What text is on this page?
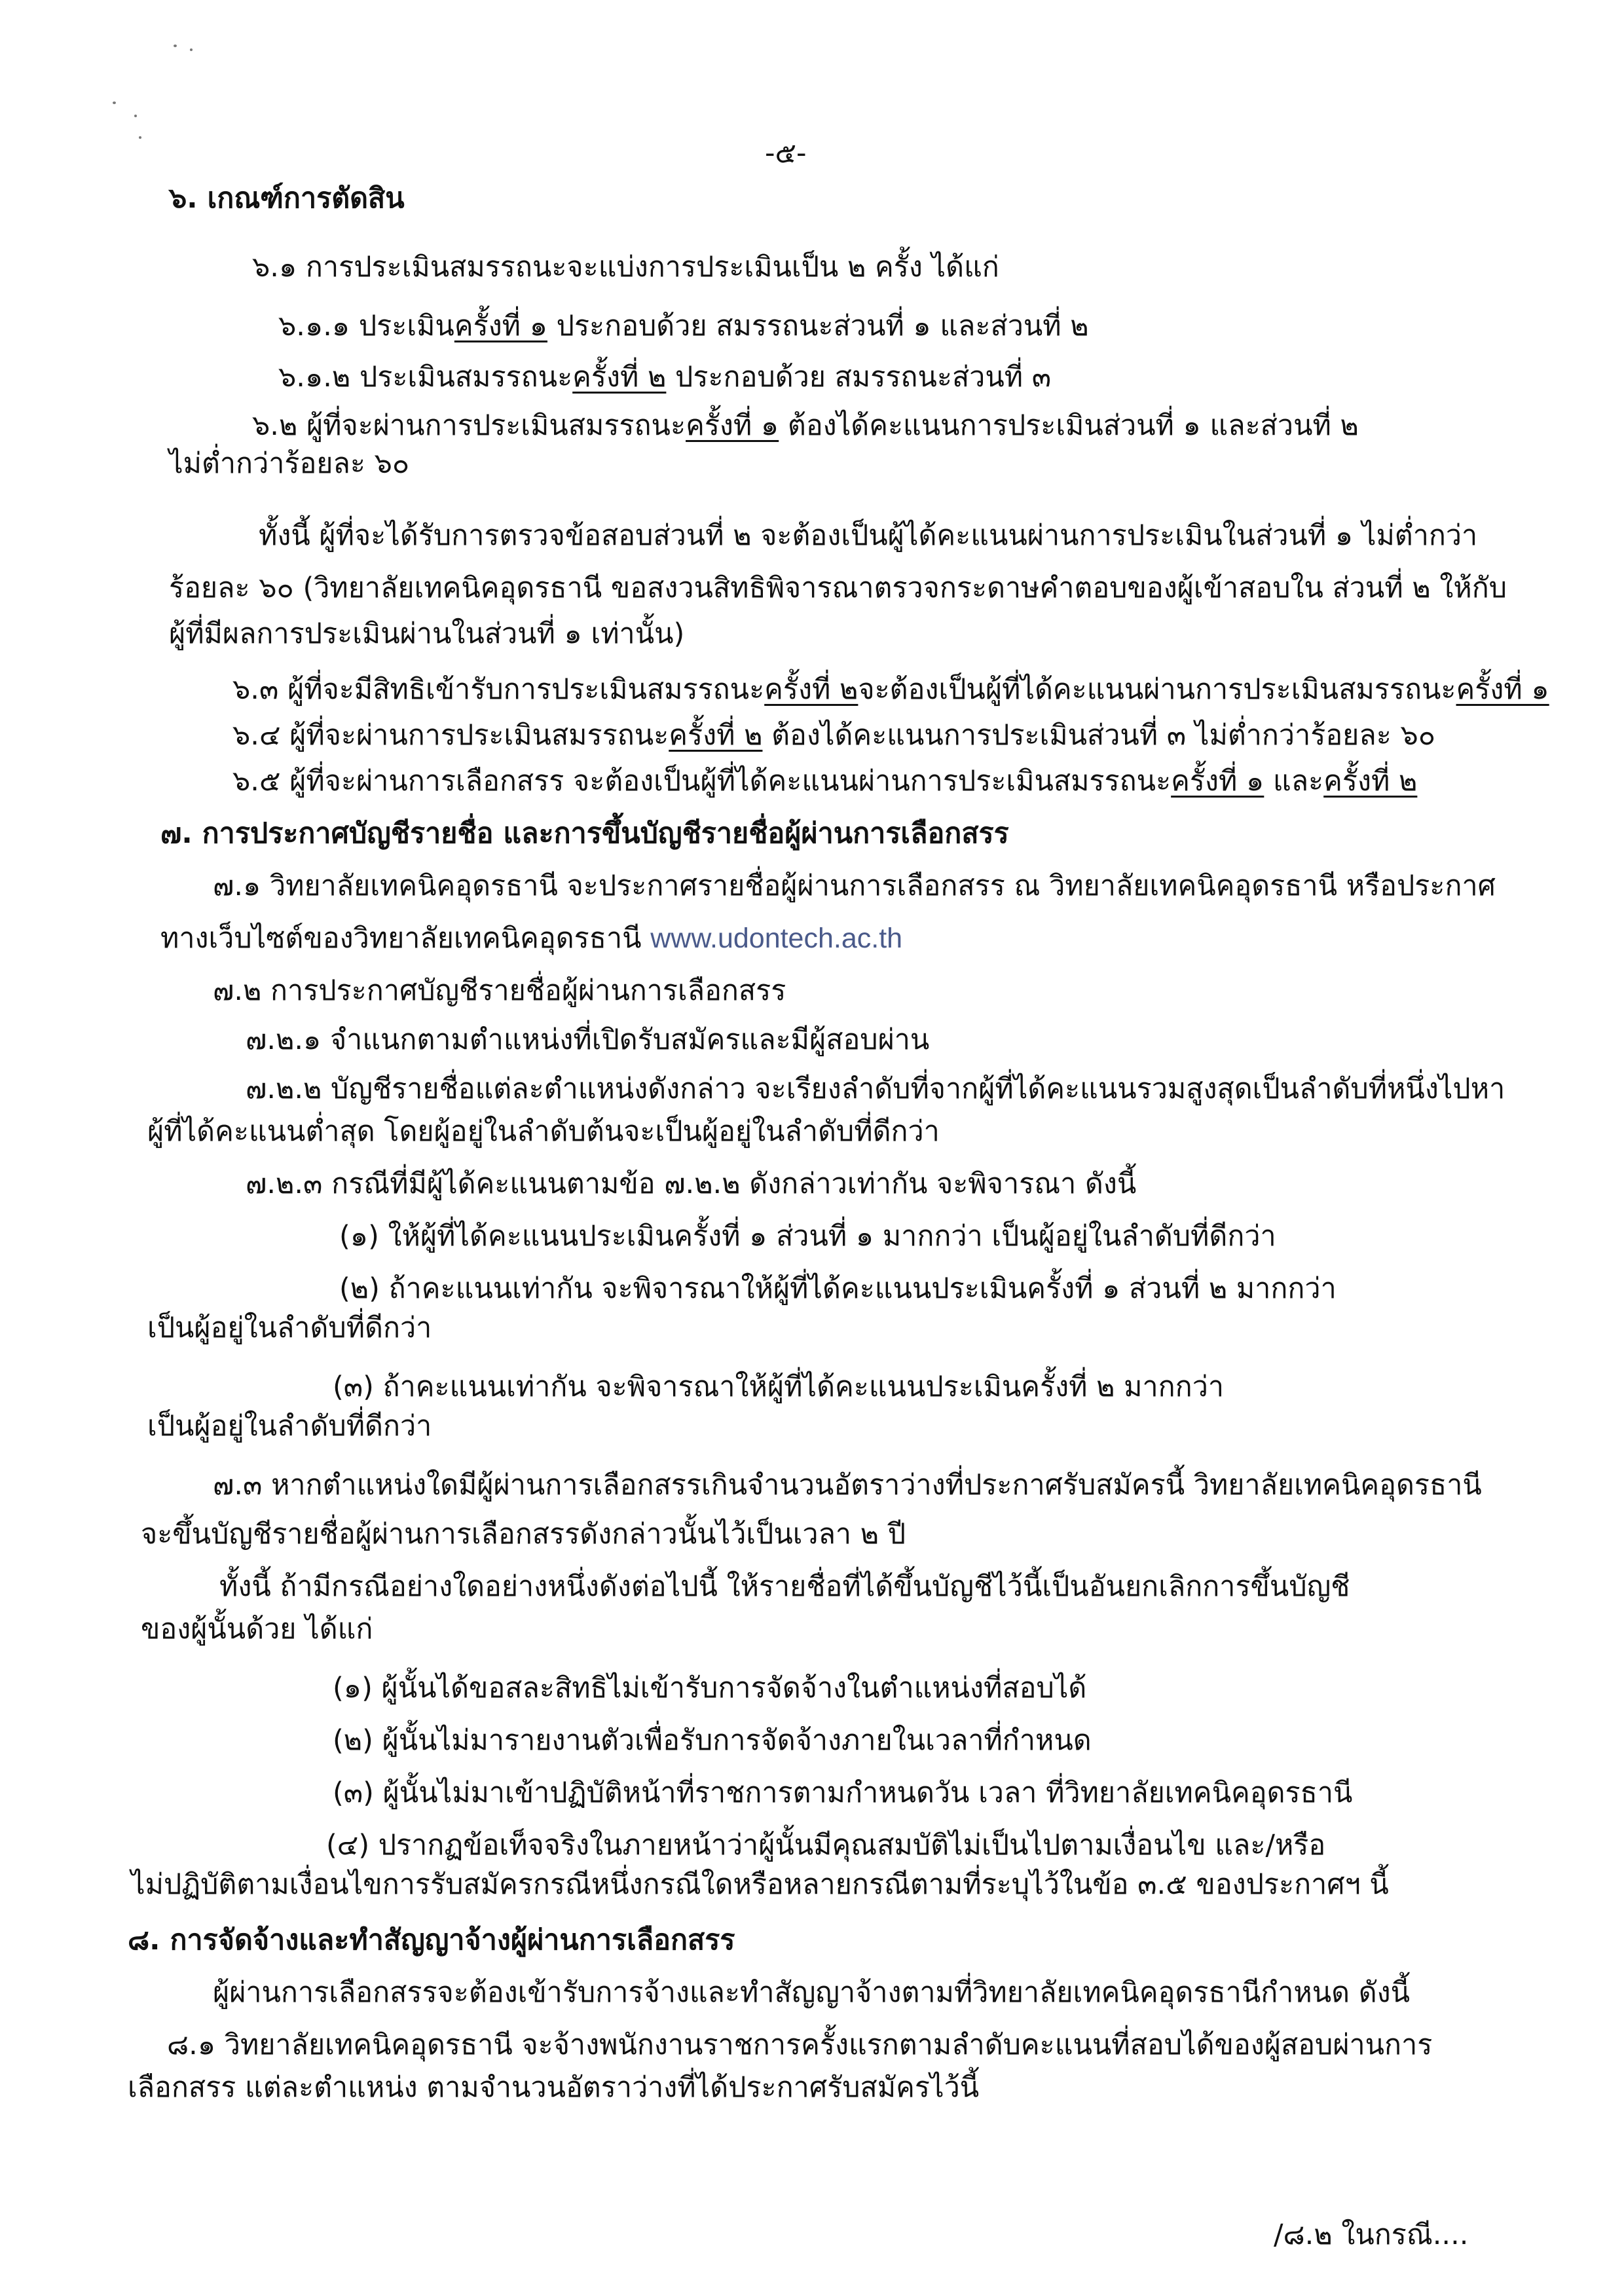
-๕-
๖. เกณฑ์การตัดสิน
๖.๑ การประเมินสมรรถนะจะแบ่งการประเมินเป็น ๒ ครั้ง ได้แก่
๖.๑.๑ ประเมินครั้งที่ ๑ ประกอบด้วย สมรรถนะส่วนที่ ๑ และส่วนที่ ๒
๖.๑.๒ ประเมินสมรรถนะครั้งที่ ๒ ประกอบด้วย สมรรถนะส่วนที่ ๓
๖.๒ ผู้ที่จะผ่านการประเมินสมรรถนะครั้งที่ ๑ ต้องได้คะแนนการประเมินส่วนที่ ๑ และส่วนที่ ๒
ไม่ต่ำกว่าร้อยละ ๖๐
ทั้งนี้ ผู้ที่จะได้รับการตรวจข้อสอบส่วนที่ ๒ จะต้องเป็นผู้ได้คะแนนผ่านการประเมินในส่วนที่ ๑ ไม่ต่ำกว่า
ร้อยละ ๖๐ (วิทยาลัยเทคนิคอุดรธานี ขอสงวนสิทธิพิจารณาตรวจกระดาษคำตอบของผู้เข้าสอบใน ส่วนที่ ๒ ให้กับ
ผู้ที่มีผลการประเมินผ่านในส่วนที่ ๑ เท่านั้น)
๖.๓ ผู้ที่จะมีสิทธิเข้ารับการประเมินสมรรถนะครั้งที่ ๒จะต้องเป็นผู้ที่ได้คะแนนผ่านการประเมินสมรรถนะครั้งที่ ๑
๖.๔ ผู้ที่จะผ่านการประเมินสมรรถนะครั้งที่ ๒ ต้องได้คะแนนการประเมินส่วนที่ ๓ ไม่ต่ำกว่าร้อยละ ๖๐
๖.๕ ผู้ที่จะผ่านการเลือกสรร จะต้องเป็นผู้ที่ได้คะแนนผ่านการประเมินสมรรถนะครั้งที่ ๑ และครั้งที่ ๒
๗. การประกาศบัญชีรายชื่อ และการขึ้นบัญชีรายชื่อผู้ผ่านการเลือกสรร
๗.๑ วิทยาลัยเทคนิคอุดรธานี จะประกาศรายชื่อผู้ผ่านการเลือกสรร ณ วิทยาลัยเทคนิคอุดรธานี หรือประกาศ
ทางเว็บไซต์ของวิทยาลัยเทคนิคอุดรธานี www.udontech.ac.th
๗.๒ การประกาศบัญชีรายชื่อผู้ผ่านการเลือกสรร
๗.๒.๑ จำแนกตามตำแหน่งที่เปิดรับสมัครและมีผู้สอบผ่าน
๗.๒.๒ บัญชีรายชื่อแต่ละตำแหน่งดังกล่าว จะเรียงลำดับที่จากผู้ที่ได้คะแนนรวมสูงสุดเป็นลำดับที่หนึ่งไปหา
ผู้ที่ได้คะแนนต่ำสุด โดยผู้อยู่ในลำดับต้นจะเป็นผู้อยู่ในลำดับที่ดีกว่า
๗.๒.๓ กรณีที่มีผู้ได้คะแนนตามข้อ ๗.๒.๒ ดังกล่าวเท่ากัน จะพิจารณา ดังนี้
(๑) ให้ผู้ที่ได้คะแนนประเมินครั้งที่ ๑ ส่วนที่ ๑ มากกว่า เป็นผู้อยู่ในลำดับที่ดีกว่า
(๒) ถ้าคะแนนเท่ากัน จะพิจารณาให้ผู้ที่ได้คะแนนประเมินครั้งที่ ๑ ส่วนที่ ๒ มากกว่า
เป็นผู้อยู่ในลำดับที่ดีกว่า
(๓) ถ้าคะแนนเท่ากัน จะพิจารณาให้ผู้ที่ได้คะแนนประเมินครั้งที่ ๒ มากกว่า
เป็นผู้อยู่ในลำดับที่ดีกว่า
๗.๓ หากตำแหน่งใดมีผู้ผ่านการเลือกสรรเกินจำนวนอัตราว่างที่ประกาศรับสมัครนี้ วิทยาลัยเทคนิคอุดรธานี
จะขึ้นบัญชีรายชื่อผู้ผ่านการเลือกสรรดังกล่าวนั้นไว้เป็นเวลา ๒ ปี
ทั้งนี้ ถ้ามีกรณีอย่างใดอย่างหนึ่งดังต่อไปนี้ ให้รายชื่อที่ได้ขึ้นบัญชีไว้นี้เป็นอันยกเลิกการขึ้นบัญชี
ของผู้นั้นด้วย ได้แก่
(๑) ผู้นั้นได้ขอสละสิทธิไม่เข้ารับการจัดจ้างในตำแหน่งที่สอบได้
(๒) ผู้นั้นไม่มารายงานตัวเพื่อรับการจัดจ้างภายในเวลาที่กำหนด
(๓) ผู้นั้นไม่มาเข้าปฏิบัติหน้าที่ราชการตามกำหนดวัน เวลา ที่วิทยาลัยเทคนิคอุดรธานี
(๔) ปรากฏข้อเท็จจริงในภายหน้าว่าผู้นั้นมีคุณสมบัติไม่เป็นไปตามเงื่อนไข และ/หรือ
ไม่ปฏิบัติตามเงื่อนไขการรับสมัครกรณีหนึ่งกรณีใดหรือหลายกรณีตามที่ระบุไว้ในข้อ ๓.๕ ของประกาศฯ นี้
๘. การจัดจ้างและทำสัญญาจ้างผู้ผ่านการเลือกสรร
ผู้ผ่านการเลือกสรรจะต้องเข้ารับการจ้างและทำสัญญาจ้างตามที่วิทยาลัยเทคนิคอุดรธานีกำหนด ดังนี้
๘.๑ วิทยาลัยเทคนิคอุดรธานี จะจ้างพนักงานราชการครั้งแรกตามลำดับคะแนนที่สอบได้ของผู้สอบผ่านการ
เลือกสรร แต่ละตำแหน่ง ตามจำนวนอัตราว่างที่ได้ประกาศรับสมัครไว้นี้
/๘.๒ ในกรณี....
